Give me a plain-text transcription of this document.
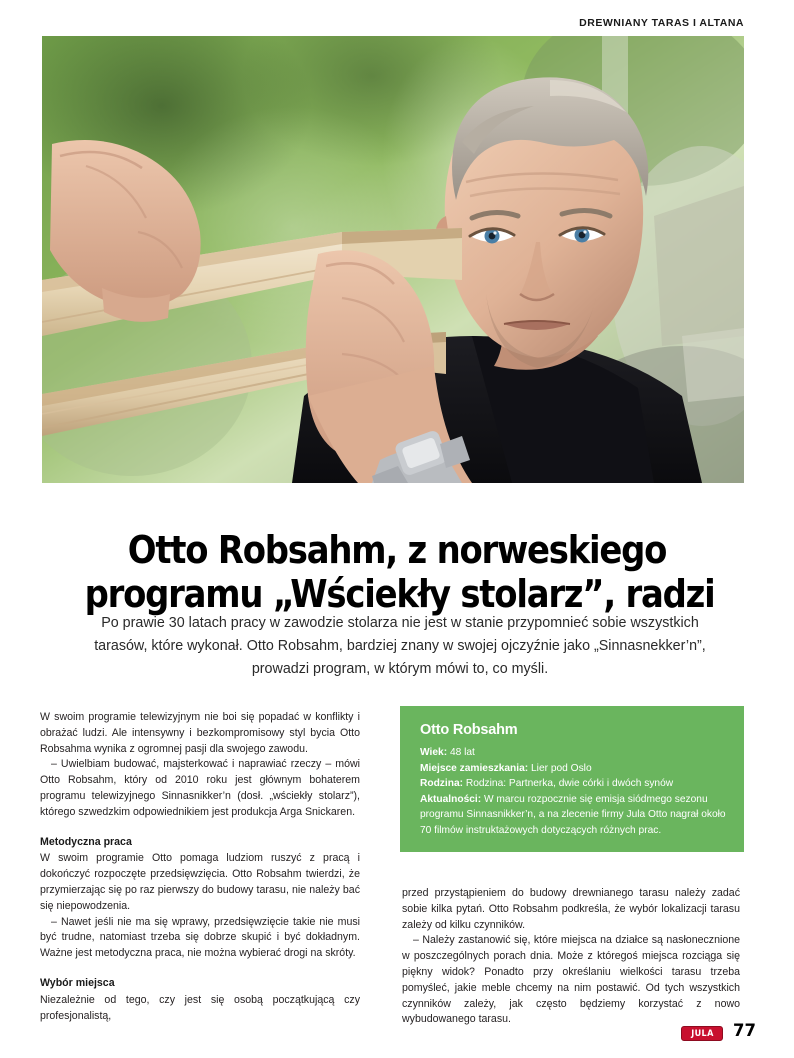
DREWNIANY TARAS I ALTANA
Otto Robsahm, z norweskiego
programu „Wściekły stolarz”, radzi
Po prawie 30 latach pracy w zawodzie stolarza nie jest w stanie przypomnieć sobie wszystkich tarasów, które wykonał. Otto Robsahm, bardziej znany w swojej ojczyźnie jako „Sinnasnekker’n”, prowadzi program, w którym mówi to, co myśli.

W swoim programie telewizyjnym nie boi się popadać w konflikty i obrażać ludzi. Ale intensywny i bezkompromisowy styl bycia Otto Robsahma wynika z ogromnej pasji dla swojego zawodu.

– Uwielbiam budować, majsterkować i naprawiać rzeczy – mówi Otto Robsahm, który od 2010 roku jest głównym bohaterem programu telewizyjnego Sinnasnikker’n (dosł. „wściekły stolarz”), którego szwedzkim odpowiednikiem jest produkcja Arga Snickaren.

Metodyczna praca

W swoim programie Otto pomaga ludziom ruszyć z pracą i dokończyć rozpoczęte przedsięwzięcia. Otto Robsahm twierdzi, że przymierzając się po raz pierwszy do budowy tarasu, nie należy bać się niepowodzenia.

– Nawet jeśli nie ma się wprawy, przedsięwzięcie takie nie musi być trudne, natomiast trzeba się dobrze skupić i być dokładnym. Ważne jest metodyczna praca, nie można wybierać drogi na skróty.

Wybór miejsca

Niezależnie od tego, czy jest się osobą początkującą czy profesjonalistą,

Otto Robsahm
Wiek: 48 lat
Miejsce zamieszkania: Lier pod Oslo
Rodzina: Rodzina: Partnerka, dwie córki i dwóch synów
Aktualności: W marcu rozpocznie się emisja siódmego sezonu programu Sinnasnikker’n, a na zlecenie firmy Jula Otto nagrał około 70 filmów instruktażowych dotyczących różnych prac.

przed przystąpieniem do budowy drewnianego tarasu należy zadać sobie kilka pytań. Otto Robsahm podkreśla, że wybór lokalizacji tarasu zależy od kilku czynników.

– Należy zastanowić się, które miejsca na działce są nasłonecznione w poszczególnych porach dnia. Może z któregoś miejsca rozciąga się piękny widok? Ponadto przy określaniu wielkości tarasu trzeba pomyśleć, jakie meble chcemy na nim postawić. Od tych wszystkich czynników zależy, jak często będziemy korzystać z nowo wybudowanego tarasu.

JULA 77
